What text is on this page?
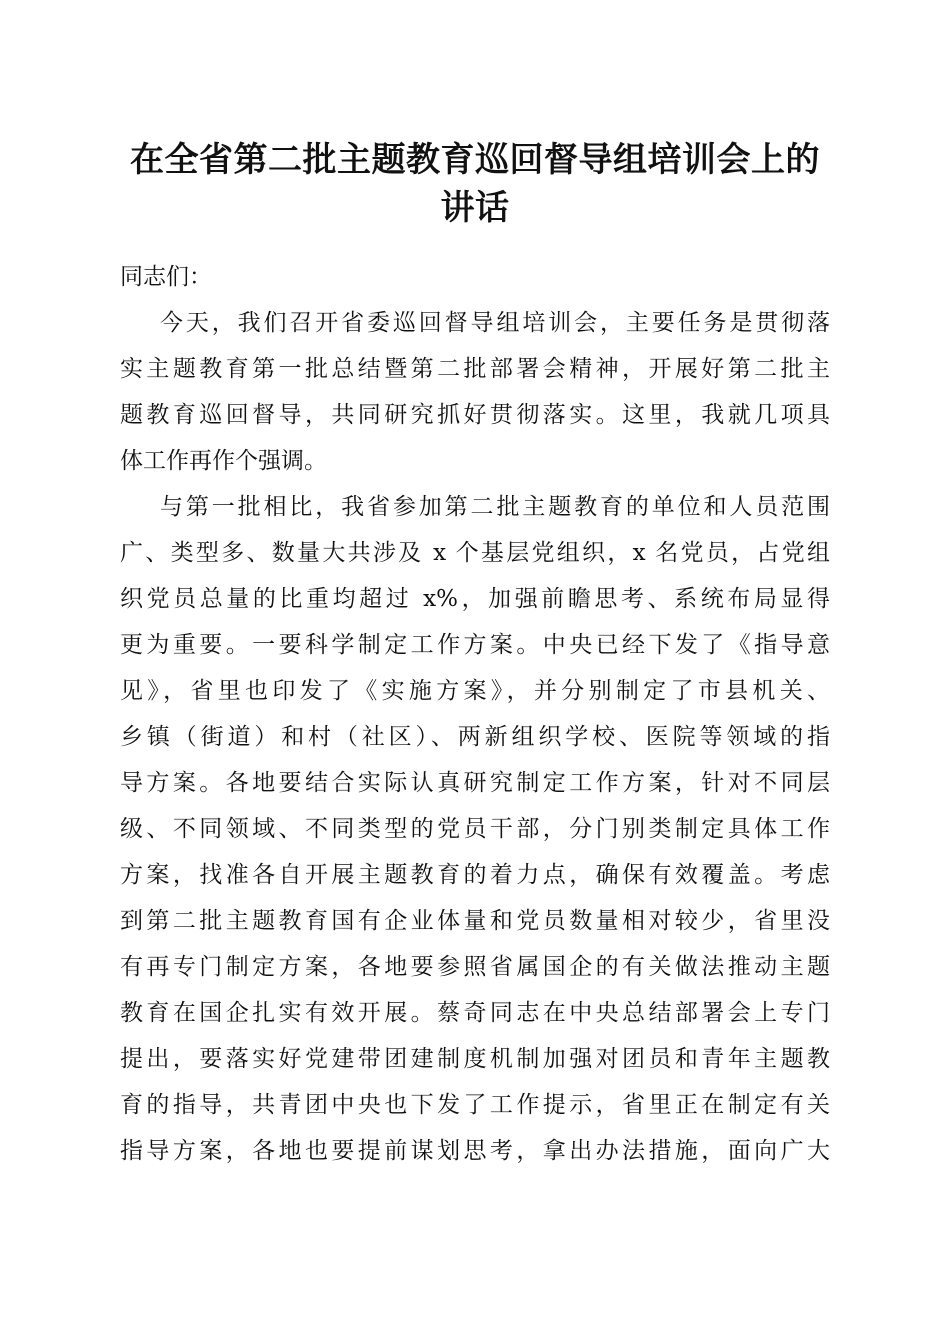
在全省第二批主题教育巡回督导组培训会上的
讲话
同志们：
今天，我们召开省委巡回督导组培训会，主要任务是贯彻落
实主题教育第一批总结暨第二批部署会精神，开展好第二批主
题教育巡回督导，共同研究抓好贯彻落实。这里，我就几项具
体工作再作个强调。
与第一批相比，我省参加第二批主题教育的单位和人员范围
广、类型多、数量大共涉及 x 个基层党组织，x 名党员，占党组
织党员总量的比重均超过 x%，加强前瞻思考、系统布局显得
更为重要。一要科学制定工作方案。中央已经下发了《指导意
见》，省里也印发了《实施方案》，并分别制定了市县机关、
乡镇（街道）和村（社区）、两新组织学校、医院等领域的指
导方案。各地要结合实际认真研究制定工作方案，针对不同层
级、不同领域、不同类型的党员干部，分门别类制定具体工作
方案，找准各自开展主题教育的着力点，确保有效覆盖。考虑
到第二批主题教育国有企业体量和党员数量相对较少，省里没
有再专门制定方案，各地要参照省属国企的有关做法推动主题
教育在国企扎实有效开展。蔡奇同志在中央总结部署会上专门
提出，要落实好党建带团建制度机制加强对团员和青年主题教
育的指导，共青团中央也下发了工作提示，省里正在制定有关
指导方案，各地也要提前谋划思考，拿出办法措施，面向广大
